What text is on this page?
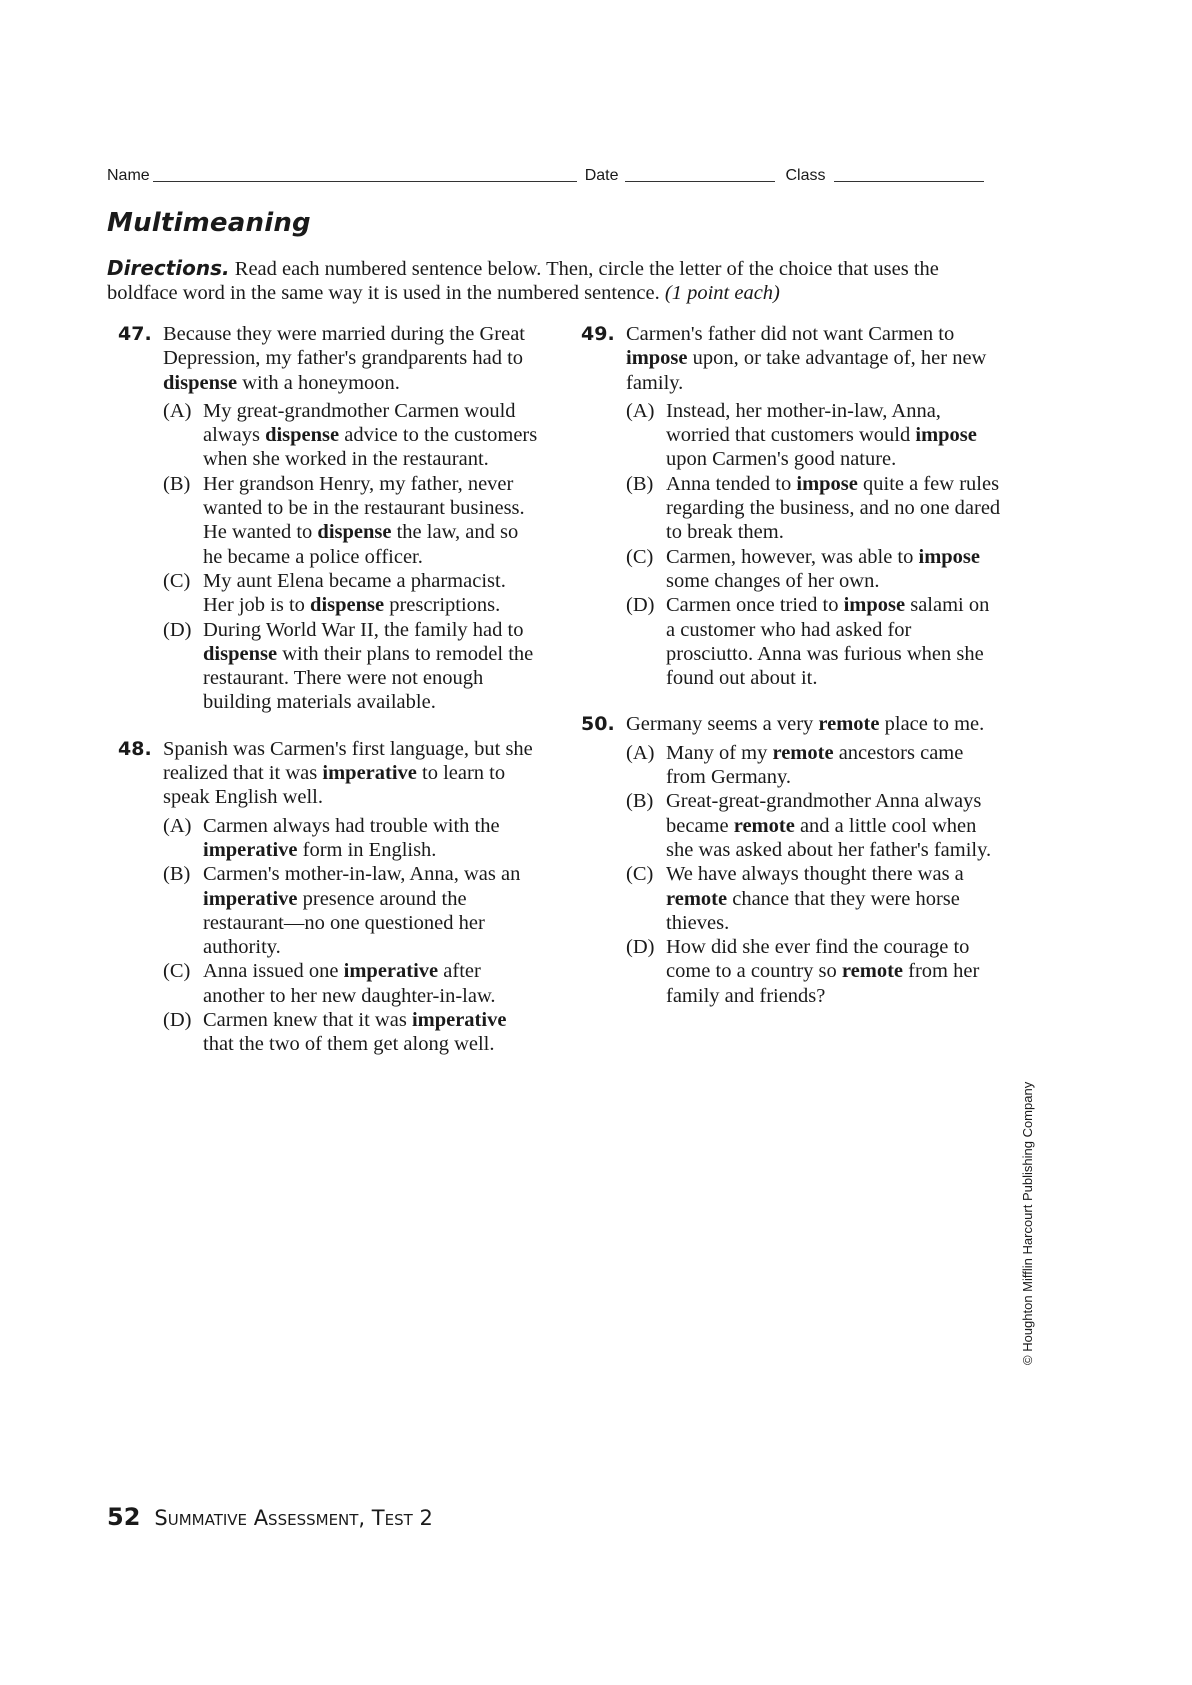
Name	Date	Class
Multimeaning

Directions. Read each numbered sentence below. Then, circle the letter of the choice that uses the boldface word in the same way it is used in the numbered sentence. (1 point each)

47. Because they were married during the Great Depression, my father's grandparents had to dispense with a honeymoon.

(A) My great-grandmother Carmen would always dispense advice to the customers when she worked in the restaurant.
(B) Her grandson Henry, my father, never wanted to be in the restaurant business. He wanted to dispense the law, and so he became a police officer.
(C) My aunt Elena became a pharmacist. Her job is to dispense prescriptions.
(D) During World War II, the family had to dispense with their plans to remodel the restaurant. There were not enough building materials available.
48. Spanish was Carmen's first language, but she realized that it was imperative to learn to speak English well.

(A) Carmen always had trouble with the imperative form in English.
(B) Carmen's mother-in-law, Anna, was an imperative presence around the restaurant—no one questioned her authority.
(C) Anna issued one imperative after another to her new daughter-in-law.
(D) Carmen knew that it was imperative that the two of them get along well.
49. Carmen's father did not want Carmen to impose upon, or take advantage of, her new family.

(A) Instead, her mother-in-law, Anna, worried that customers would impose upon Carmen's good nature.
(B) Anna tended to impose quite a few rules regarding the business, and no one dared to break them.
(C) Carmen, however, was able to impose some changes of her own.
(D) Carmen once tried to impose salami on a customer who had asked for prosciutto. Anna was furious when she found out about it.
50. Germany seems a very remote place to me.

(A) Many of my remote ancestors came from Germany.
(B) Great-great-grandmother Anna always became remote and a little cool when she was asked about her father's family.
(C) We have always thought there was a remote chance that they were horse thieves.
(D) How did she ever find the courage to come to a country so remote from her family and friends?
© Houghton Mifflin Harcourt Publishing Company
52 Summative Assessment, Test 2
